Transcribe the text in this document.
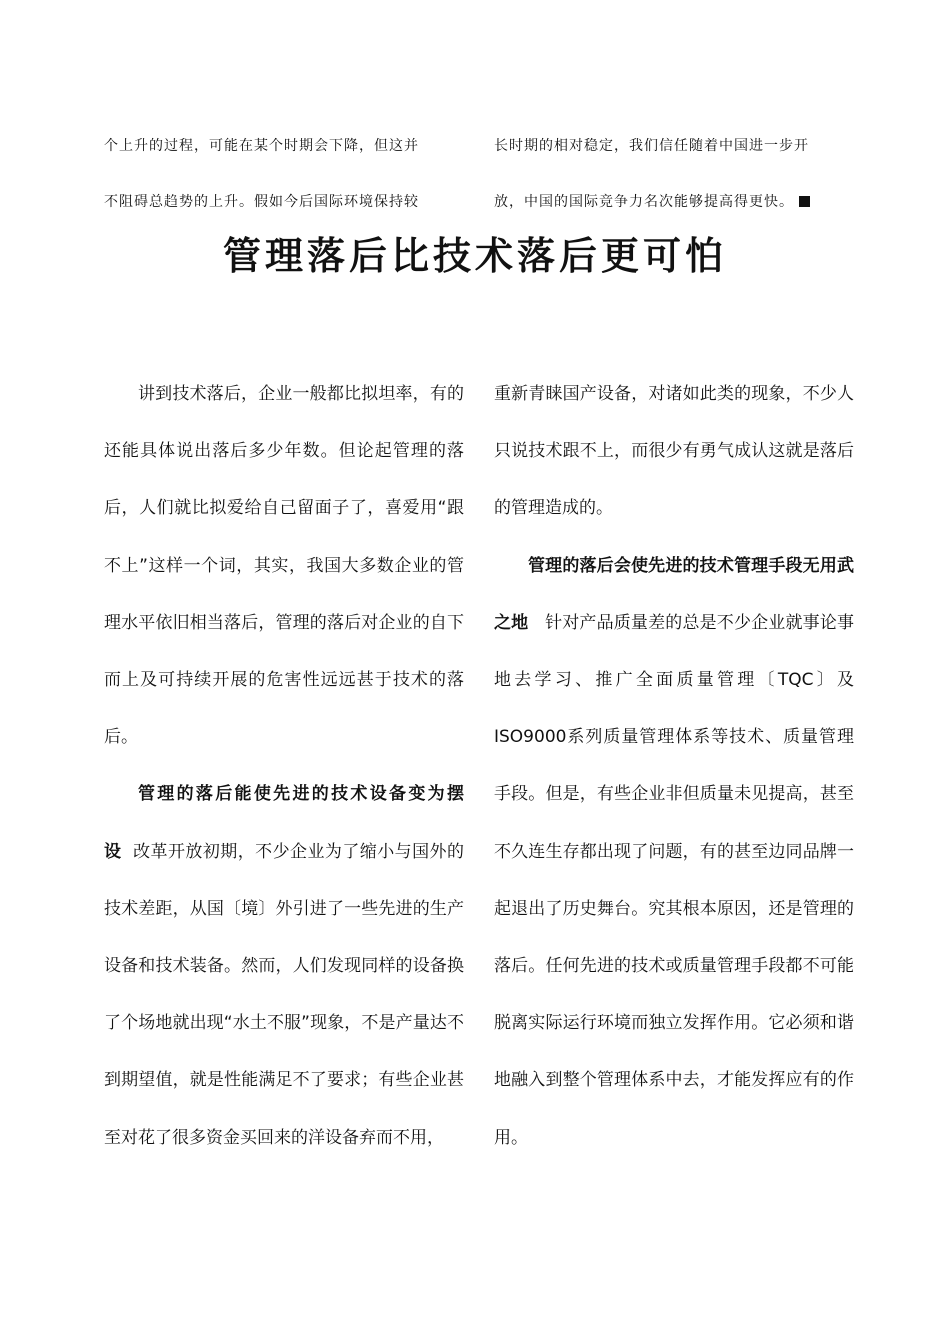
个上升的过程，可能在某个时期会下降，但这并

不阻碍总趋势的上升。假如今后国际环境保持较

长时期的相对稳定，我们信任随着中国进一步开

放，中国的国际竞争力名次能够提高得更快。

管理落后比技术落后更可怕

讲到技术落后，企业一般都比拟坦率，有的还能具体说出落后多少年数。但论起管理的落后，人们就比拟爱给自己留面子了，喜爱用“跟不上”这样一个词，其实，我国大多数企业的管理水平依旧相当落后，管理的落后对企业的自下而上及可持续开展的危害性远远甚于技术的落后。

管理的落后能使先进的技术设备变为摆设 改革开放初期，不少企业为了缩小与国外的技术差距，从国〔境〕外引进了一些先进的生产设备和技术装备。然而，人们发现同样的设备换了个场地就出现“水土不服”现象，不是产量达不到期望值，就是性能满足不了要求；有些企业甚至对花了很多资金买回来的洋设备弃而不用，

重新青睐国产设备，对诸如此类的现象，不少人只说技术跟不上，而很少有勇气成认这就是落后的管理造成的。

管理的落后会使先进的技术管理手段无用武之地 针对产品质量差的总是不少企业就事论事地去学习、推广全面质量管理〔TQC〕及ISO9000系列质量管理体系等技术、质量管理手段。但是，有些企业非但质量未见提高，甚至不久连生存都出现了问题，有的甚至边同品牌一起退出了历史舞台。究其根本原因，还是管理的落后。任何先进的技术或质量管理手段都不可能脱离实际运行环境而独立发挥作用。它必须和谐地融入到整个管理体系中去，才能发挥应有的作用。
